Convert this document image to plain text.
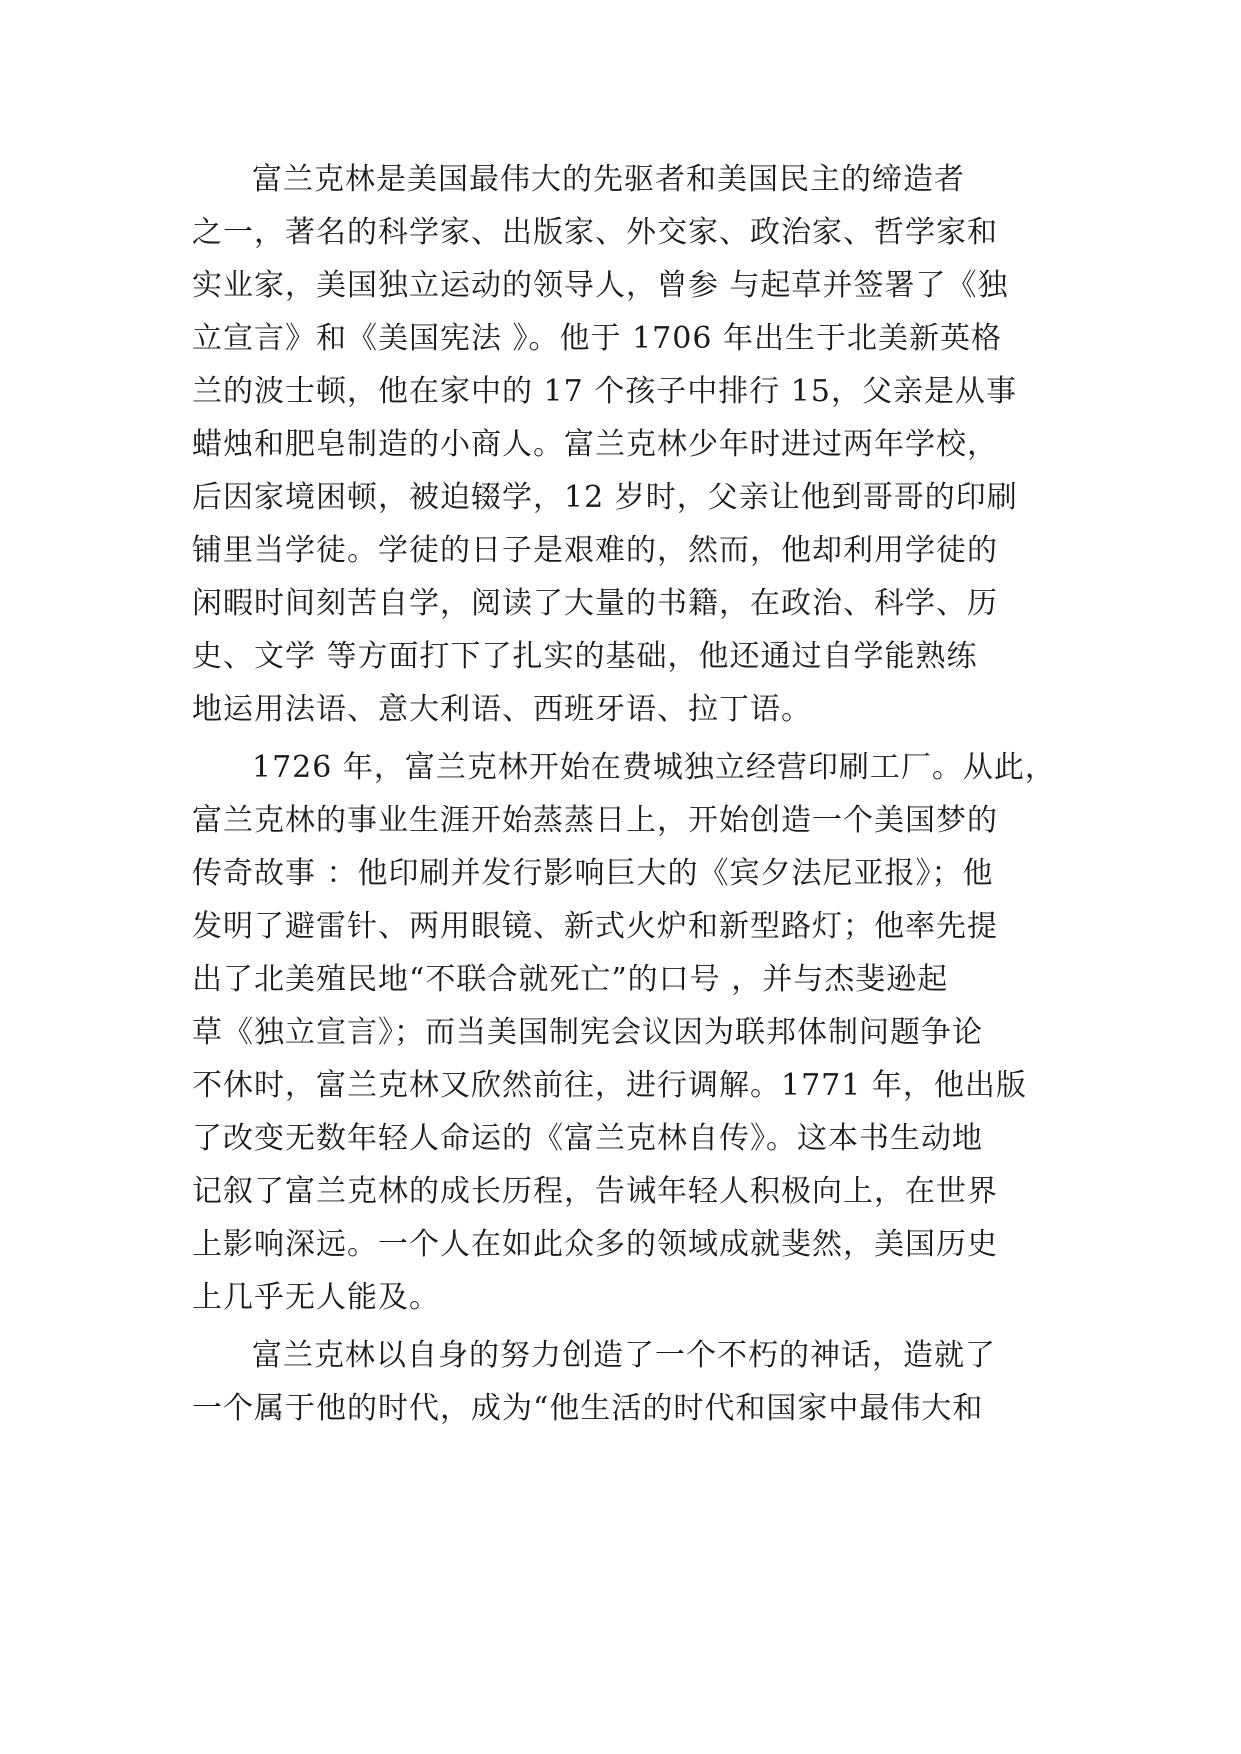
富兰克林是美国最伟大的先驱者和美国民主的缔造者
之一，著名的科学家、出版家、外交家、政治家、哲学家和
实业家，美国独立运动的领导人，曾参 与起草并签署了《独
立宣言》和《美国宪法 》。他于 1706 年出生于北美新英格
兰的波士顿，他在家中的 17 个孩子中排行 15，父亲是从事
蜡烛和肥皂制造的小商人。富兰克林少年时进过两年学校，
后因家境困顿，被迫辍学，12 岁时，父亲让他到哥哥的印刷
铺里当学徒。学徒的日子是艰难的，然而，他却利用学徒的
闲暇时间刻苦自学，阅读了大量的书籍，在政治、科学、历
史、文学 等方面打下了扎实的基础，他还通过自学能熟练
地运用法语、意大利语、西班牙语、拉丁语。
1726 年，富兰克林开始在费城独立经营印刷工厂。从此，
富兰克林的事业生涯开始蒸蒸日上，开始创造一个美国梦的
传奇故事 ：他印刷并发行影响巨大的《宾夕法尼亚报》；他
发明了避雷针、两用眼镜、新式火炉和新型路灯；他率先提
出了北美殖民地“不联合就死亡”的口号 ，并与杰斐逊起
草《独立宣言》；而当美国制宪会议因为联邦体制问题争论
不休时，富兰克林又欣然前往，进行调解。1771 年，他出版
了改变无数年轻人命运的《富兰克林自传》。这本书生动地
记叙了富兰克林的成长历程，告诫年轻人积极向上，在世界
上影响深远。一个人在如此众多的领域成就斐然，美国历史
上几乎无人能及。
富兰克林以自身的努力创造了一个不朽的神话，造就了
一个属于他的时代，成为“他生活的时代和国家中最伟大和
